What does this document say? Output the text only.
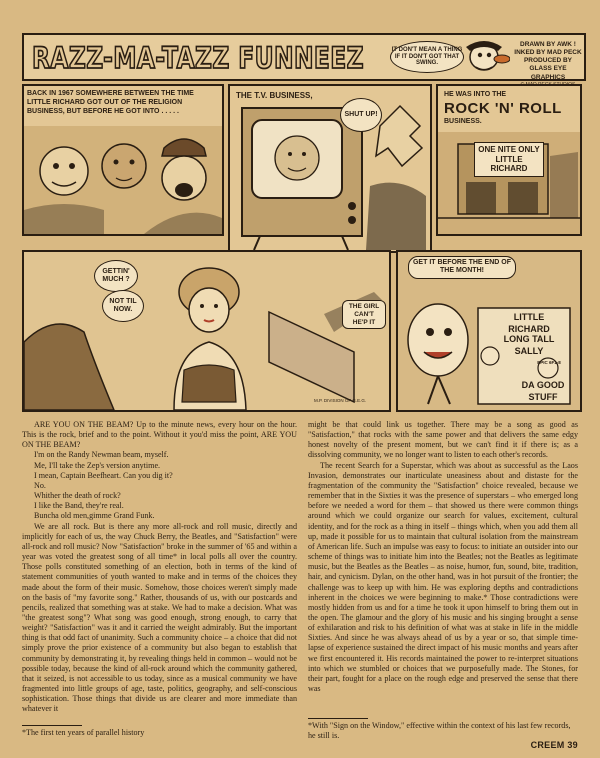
RAZZ-MA-TAZZ FUNNEEZ	IT DON'T MEAN A THING IF IT DON'T GOT THAT SWING.
DRAWN BY AWK !
INKED BY MAD PECK
PRODUCED BY
GLASS EYE GRAPHICS
BACK IN 1967 SOMEWHERE BETWEEN THE TIME LITTLE RICHARD GOT OUT OF THE RELIGION BUSINESS, BUT BEFORE HE GOT INTO . . . . .
THE T.V. BUSINESS,
SHUT UP!
HE WAS INTO THE
ROCK 'N' ROLL
BUSINESS.
ONE NITE ONLY LITTLE RICHARD
GETTIN' MUCH ?
NOT TIL NOW.	THE GIRL CAN'T HE'P IT
M.P. DIVISION OF G.E.G.
GET IT BEFORE THE END OF THE MONTH!
LITTLE RICHARD
LONG TALL SALLY
EPIC 6F1-8
DA GOOD STUFF

ARE YOU ON THE BEAM? Up to the minute news, every hour on the hour. This is the rock, brief and to the point. Without it you'd miss the point, ARE YOU ON THE BEAM?

I'm on the Randy Newman beam, myself.

Me, I'll take the Zep's version anytime.

I mean, Captain Beefheart. Can you dig it?

No.

Whither the death of rock?

I like the Band, they're real.

Buncha old men,gimme Grand Funk.

We are all rock. But is there any more all-rock and roll music, directly and implicitly for each of us, the way Chuck Berry, the Beatles, and "Satisfaction" were all-rock and roll music? Now "Satisfaction" broke in the summer of '65 and within a year was voted the greatest song of all time* in local polls all over the country. Those polls constituted something of an election, both in terms of the kind of statement communities of youth wanted to make and in terms of the choices they made about the form of their music. Somehow, those choices weren't simply made on the basis of "my favorite song." Rather, thousands of us, with our postcards and pencils, realized that something was at stake. We had to make a decision. What was "the greatest song"? What song was good enough, strong enough, to carry that weight? "Satisfaction" was it and it carried the weight admirably. But the important thing is that odd fact of unanimity. Such a community choice – a choice that did not simply prove the prior existence of a community but also began to establish that community by demonstrating it, by revealing things held in common – would not be possible today, because the kind of all-rock around which the community gathered, that it seized, is not accessible to us today, since as a musical community we have fragmented into little groups of age, taste, politics, geography, and self-conscious sophistication. Those things that divide us are clearer and more immediate than whatever it

might be that could link us together. There may be a song as good as "Satisfaction," that rocks with the same power and that delivers the same edgy honest novelty of the present moment, but we can't find it if there is; as a dissolving community, we no longer want to listen to each other's records.

The recent Search for a Superstar, which was about as successful as the Laos Invasion, demonstrates our inarticulate uneasiness about and distaste for the fragmentation of the community the "Satisfaction" choice revealed, because we remember that in the Sixties it was the presence of superstars – who emerged long before we needed a word for them – that showed us there were common things around which we could organize our search for values, excitement, cultural identity, and for the rock as a thing in itself – things which, when you add them all up, made it possible for us to maintain that cultural isolation from the mainstream of American life. Such an impulse was easy to focus: to initiate an outsider into our scheme of things was to initiate him into the Beatles; not the Beatles as legitimate music, but the Beatles as the Beatles – as noise, humor, fun, sound, bite, tradition, hair, and cynicism. Dylan, on the other hand, was in hot pursuit of the frontier; the challenge was to keep up with him. He was exploring depths and contradictions inherent in the choices we were beginning to make.* Those contradictions were mostly hidden from us and for a time he took it upon himself to bring them out in the open. The glamour and the glory of his music and his singing brought a sense of exhilaration and risk to his definition of what was at stake in life in the middle Sixties. And since he was always ahead of us by a year or so, that simple time-lapse of experience sustained the direct impact of his music months and years after we first encountered it. His records maintained the power to re-interpret situations into which we stumbled or choices that we purposefully made. The Stones, for their part, fought for a place on the rough edge and preserved the sense that there was

*The first ten years of parallel history
*With "Sign on the Window," effective within the context of his last few records, he still is.
CREEM 39
